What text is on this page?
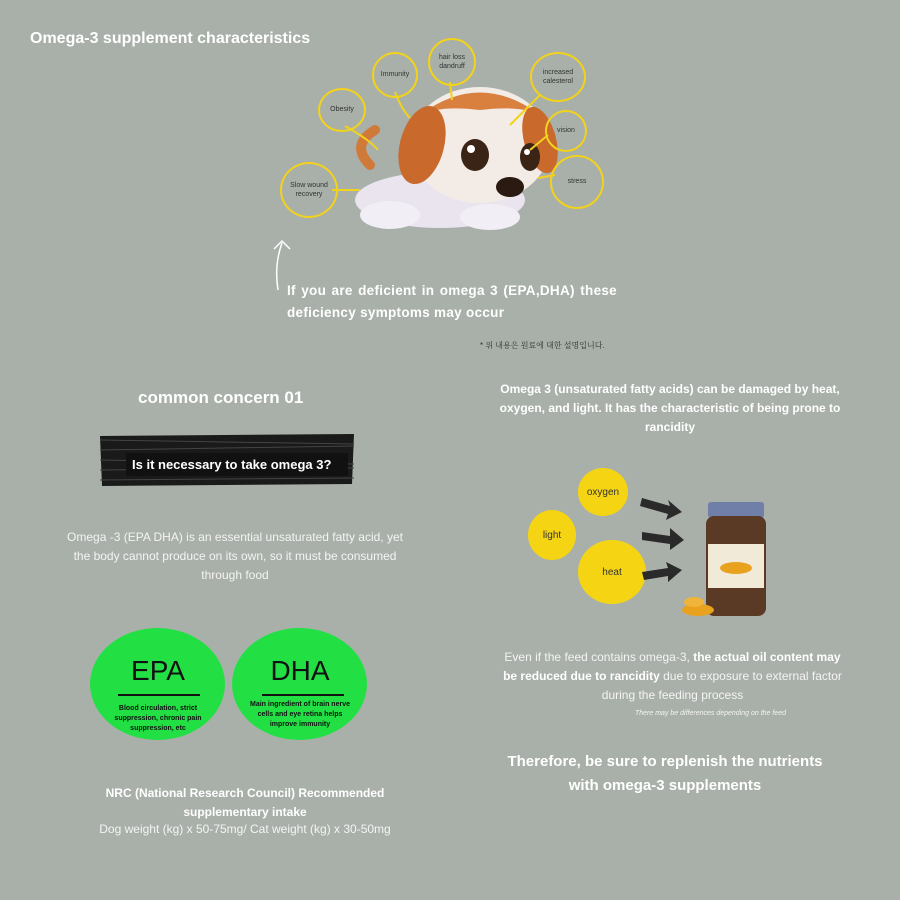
Omega-3 supplement characteristics
Obesity
Immunity
hair loss dandruff
increased calesterol
vision
stress
Slow wound recovery
If you are deficient in omega 3 (EPA,DHA) these deficiency symptoms may occur
* 위 내용은 원료에 대한 설명입니다.
common concern 01
Is it necessary to take omega 3?
Omega -3 (EPA DHA) is an essential unsaturated fatty acid, yet the body cannot produce on its own, so it must be consumed through food
EPA
Blood circulation, strict suppression, chronic pain suppression, etc
DHA
Main ingredient of brain nerve cells and eye retina helps improve immunity
NRC (National Research Council) Recommended supplementary intake
Dog weight (kg) x 50-75mg/ Cat weight (kg) x 30-50mg
Omega 3 (unsaturated fatty acids) can be damaged by heat, oxygen, and light. It has the characteristic of being prone to rancidity
oxygen
light
heat
Even if the feed contains omega-3, the actual oil content may be reduced due to rancidity due to exposure to external factor during the feeding process
There may be differences depending on the feed
Therefore, be sure to replenish the nutrients with omega-3 supplements
